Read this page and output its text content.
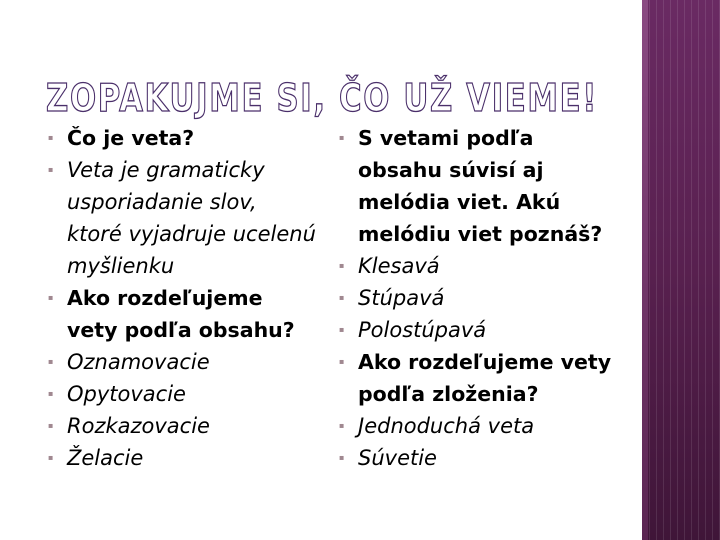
ZOPAKUJME SI, ČO UŽ VIEME!
▪ Čo je veta?
▪ Veta je gramaticky usporiadanie slov, ktoré vyjadruje ucelenú myšlienku
▪ Ako rozdeľujeme vety podľa obsahu?
▪ Oznamovacie
▪ Opytovacie
▪ Rozkazovacie
▪ Želacie
▪ S vetami podľa obsahu súvisí aj melódia viet. Akú melódiu viet poznáš?
▪ Klesavá
▪ Stúpavá
▪ Polostúpavá
▪ Ako rozdeľujeme vety podľa zloženia?
▪ Jednoduchá veta
▪ Súvetie
